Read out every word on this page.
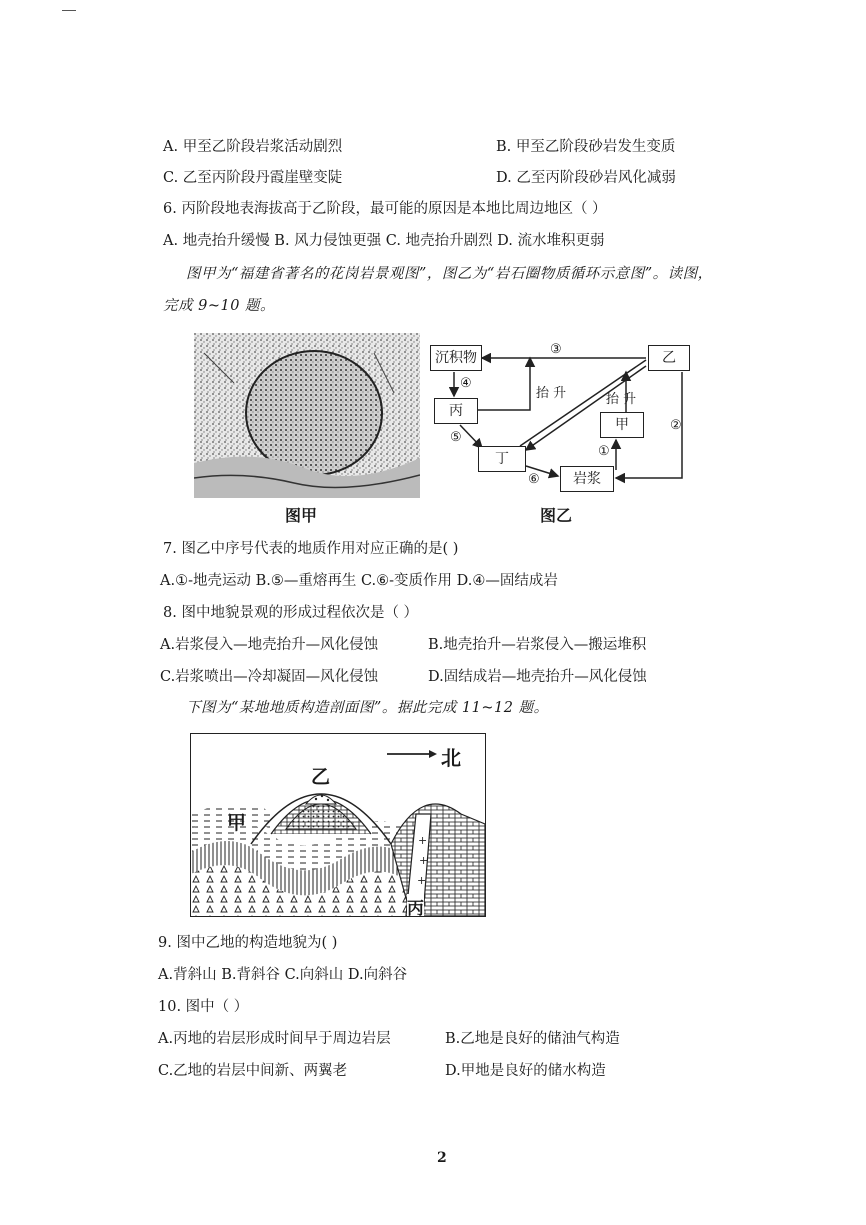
A. 甲至乙阶段岩浆活动剧烈	B. 甲至乙阶段砂岩发生变质
C. 乙至丙阶段丹霞崖壁变陡	D. 乙至丙阶段砂岩风化减弱
6. 丙阶段地表海拔高于乙阶段，最可能的原因是本地比周边地区（ ）
A. 地壳抬升缓慢 B. 风力侵蚀更强 C. 地壳抬升剧烈 D. 流水堆积更弱
图甲为“福建省著名的花岗岩景观图”，图乙为“岩石圈物质循环示意图”。读图，
完成 9~10 题。
图甲
沉积物
丙
丁
岩浆
甲
乙
③
④
⑤
⑥
①
②
抬 升	抬 升
图乙
7. 图乙中序号代表的地质作用对应正确的是( )
A.①-地壳运动 B.⑤—重熔再生 C.⑥-变质作用 D.④—固结成岩
8. 图中地貌景观的形成过程依次是（ ）
A.岩浆侵入—地壳抬升—风化侵蚀	B.地壳抬升—岩浆侵入—搬运堆积
C.岩浆喷出—冷却凝固—风化侵蚀	D.固结成岩—地壳抬升—风化侵蚀
下图为“某地地质构造剖面图”。据此完成 11~12 题。
+
+
+
北
乙
甲
丙
9. 图中乙地的构造地貌为( )
A.背斜山 B.背斜谷 C.向斜山 D.向斜谷
10. 图中（ ）
A.丙地的岩层形成时间早于周边岩层	B.乙地是良好的储油气构造
C.乙地的岩层中间新、两翼老	D.甲地是良好的储水构造
2
